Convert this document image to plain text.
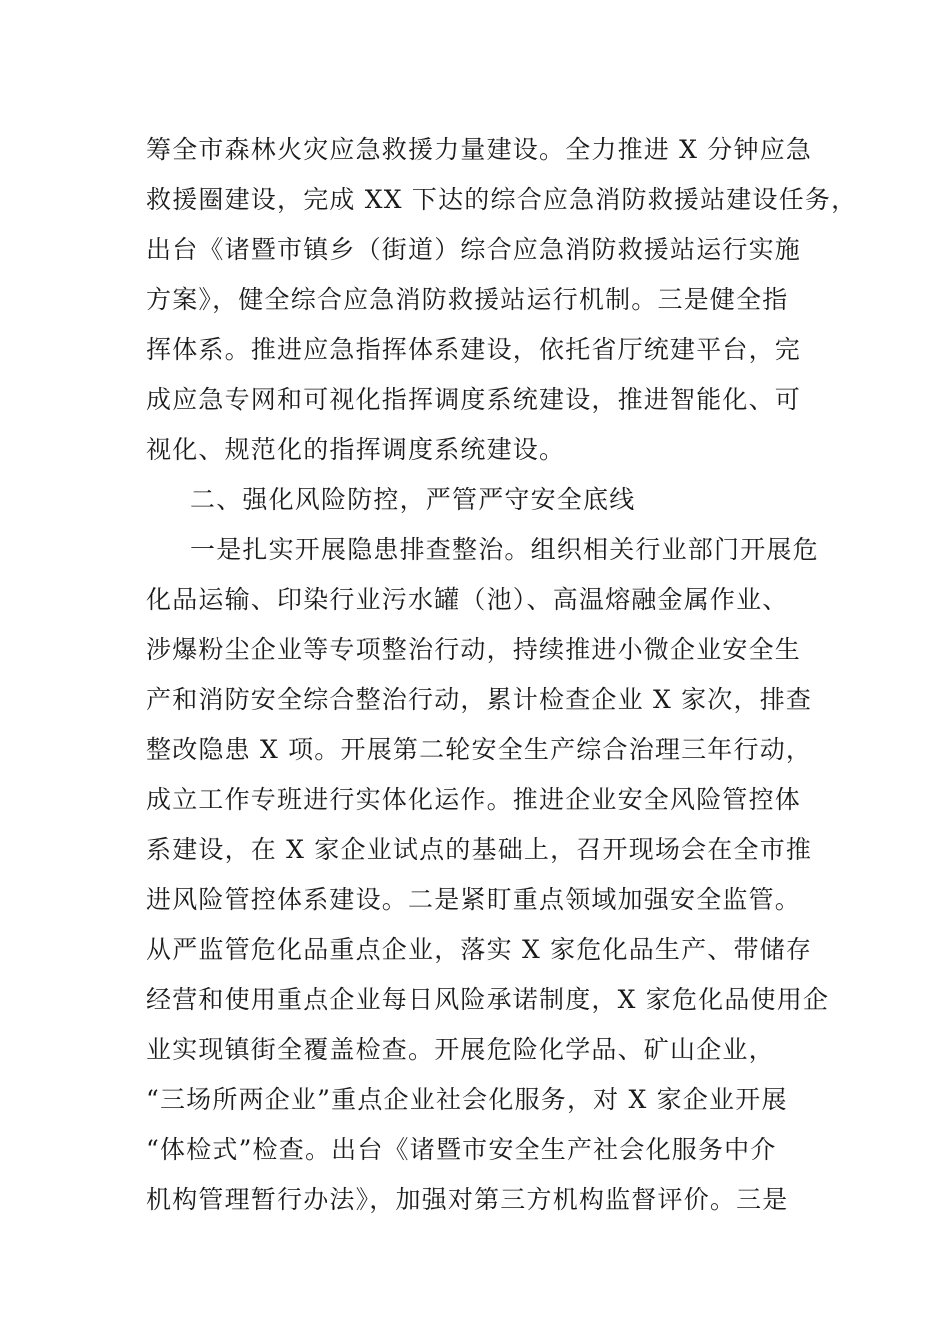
筹全市森林火灾应急救援力量建设。全力推进 X 分钟应急
救援圈建设，完成 XX 下达的综合应急消防救援站建设任务，
出台《诸暨市镇乡（街道）综合应急消防救援站运行实施
方案》，健全综合应急消防救援站运行机制。三是健全指
挥体系。推进应急指挥体系建设，依托省厅统建平台，完
成应急专网和可视化指挥调度系统建设，推进智能化、可
视化、规范化的指挥调度系统建设。
二、强化风险防控，严管严守安全底线
一是扎实开展隐患排查整治。组织相关行业部门开展危
化品运输、印染行业污水罐（池）、高温熔融金属作业、
涉爆粉尘企业等专项整治行动，持续推进小微企业安全生
产和消防安全综合整治行动，累计检查企业 X 家次，排查
整改隐患 X 项。开展第二轮安全生产综合治理三年行动，
成立工作专班进行实体化运作。推进企业安全风险管控体
系建设，在 X 家企业试点的基础上，召开现场会在全市推
进风险管控体系建设。二是紧盯重点领域加强安全监管。
从严监管危化品重点企业，落实 X 家危化品生产、带储存
经营和使用重点企业每日风险承诺制度，X 家危化品使用企
业实现镇街全覆盖检查。开展危险化学品、矿山企业，
“三场所两企业”重点企业社会化服务，对 X 家企业开展
“体检式”检查。出台《诸暨市安全生产社会化服务中介
机构管理暂行办法》，加强对第三方机构监督评价。三是
